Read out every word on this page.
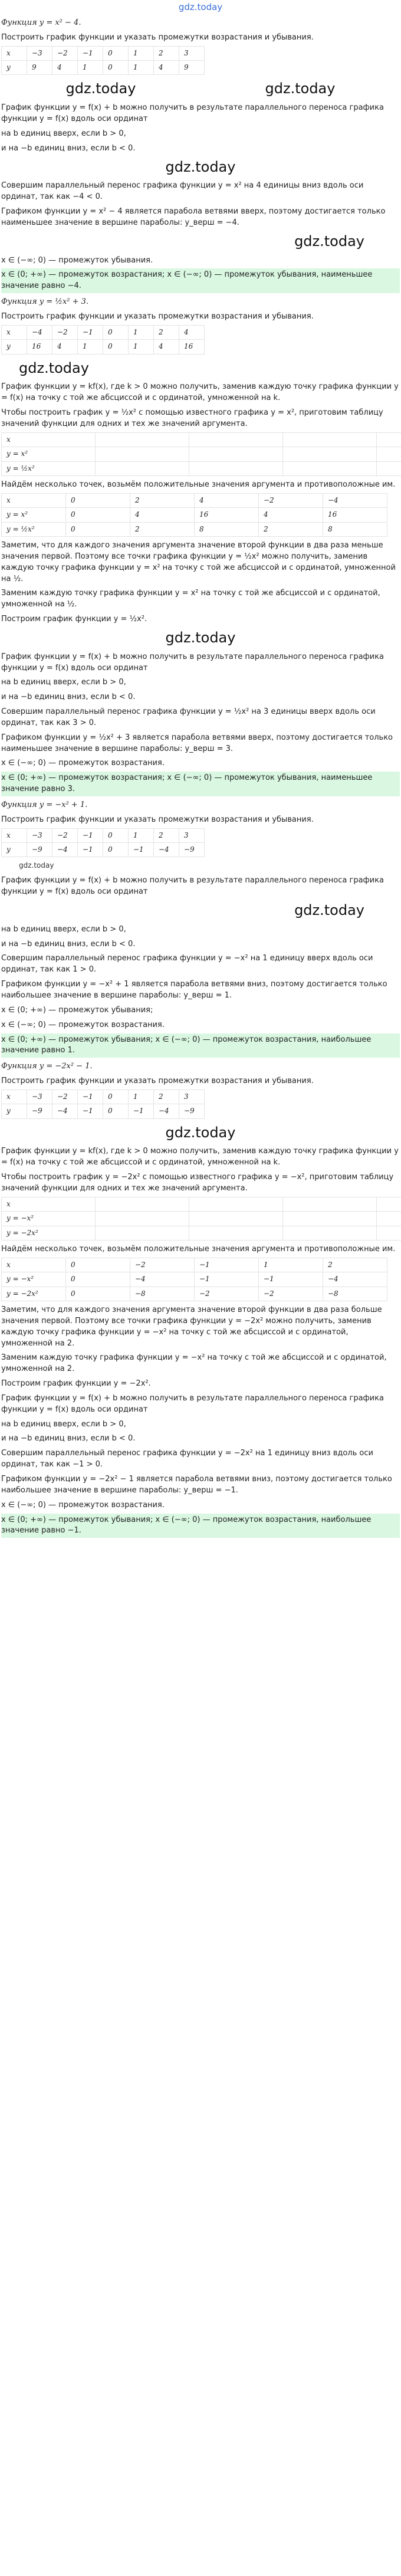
gdz.today
Функция y = x² − 4.
Построить график функции и указать промежутки возрастания и убывания.
x	−3	−2	−1	0	1	2	3
y	9	4	1	0	1	4	9
gdz.today	gdz.today
График функции y = f(x) + b можно получить в результате параллельного переноса графика функции y = f(x) вдоль оси ординат
на b единиц вверх, если b > 0,
и на −b единиц вниз, если b < 0.
gdz.today
Совершим параллельный перенос графика функции y = x² на 4 единицы вниз вдоль оси ординат, так как −4 < 0.
Графиком функции y = x² − 4 является парабола ветвями вверх, поэтому достигается только наименьшее значение в вершине параболы: y_верш = −4.
gdz.today
x ∈ (−∞; 0) — промежуток убывания.
x ∈ (0; +∞) — промежуток возрастания; x ∈ (−∞; 0) — промежуток убывания, наименьшее значение равно −4.
Функция y = ½x² + 3.
Построить график функции и указать промежутки возрастания и убывания.
x	−4	−2	−1	0	1	2	4
y	16	4	1	0	1	4	16
gdz.today
График функции y = kf(x), где k > 0 можно получить, заменив каждую точку графика функции y = f(x) на точку с той же абсциссой и с ординатой, умноженной на k.
Чтобы построить график y = ½x² с помощью известного графика y = x², приготовим таблицу значений функции для одних и тех же значений аргумента.
x					
y = x²					
y = ½x²					
Найдём несколько точек, возьмём положительные значения аргумента и противоположные им.
x	0	2	4	−2	−4
y = x²	0	4	16	4	16
y = ½x²	0	2	8	2	8
Заметим, что для каждого значения аргумента значение второй функции в два раза меньше значения первой. Поэтому все точки графика функции y = ½x² можно получить, заменив каждую точку графика функции y = x² на точку с той же абсциссой и с ординатой, умноженной на ½.
Заменим каждую точку графика функции y = x² на точку с той же абсциссой и с ординатой, умноженной на ½.
Построим график функции y = ½x².
gdz.today
График функции y = f(x) + b можно получить в результате параллельного переноса графика функции y = f(x) вдоль оси ординат
на b единиц вверх, если b > 0,
и на −b единиц вниз, если b < 0.
Совершим параллельный перенос графика функции y = ½x² на 3 единицы вверх вдоль оси ординат, так как 3 > 0.
Графиком функции y = ½x² + 3 является парабола ветвями вверх, поэтому достигается только наименьшее значение в вершине параболы: y_верш = 3.
x ∈ (−∞; 0) — промежуток возрастания.
x ∈ (0; +∞) — промежуток возрастания; x ∈ (−∞; 0) — промежуток убывания, наименьшее значение равно 3.
Функция y = −x² + 1.
Построить график функции и указать промежутки возрастания и убывания.
x	−3	−2	−1	0	1	2	3
y	−9	−4	−1	0	−1	−4	−9
gdz.today
График функции y = f(x) + b можно получить в результате параллельного переноса графика функции y = f(x) вдоль оси ординат
gdz.today
на b единиц вверх, если b > 0,
и на −b единиц вниз, если b < 0.
Совершим параллельный перенос графика функции y = −x² на 1 единицу вверх вдоль оси ординат, так как 1 > 0.
Графиком функции y = −x² + 1 является парабола ветвями вниз, поэтому достигается только наибольшее значение в вершине параболы: y_верш = 1.
x ∈ (0; +∞) — промежуток убывания;
x ∈ (−∞; 0) — промежуток возрастания.
x ∈ (0; +∞) — промежуток убывания; x ∈ (−∞; 0) — промежуток возрастания, наибольшее значение равно 1.
Функция y = −2x² − 1.
Построить график функции и указать промежутки возрастания и убывания.
x	−3	−2	−1	0	1	2	3
y	−9	−4	−1	0	−1	−4	−9
gdz.today
График функции y = kf(x), где k > 0 можно получить, заменив каждую точку графика функции y = f(x) на точку с той же абсциссой и с ординатой, умноженной на k.
Чтобы построить график y = −2x² с помощью известного графика y = −x², приготовим таблицу значений функции для одних и тех же значений аргумента.
x					
y = −x²					
y = −2x²					
Найдём несколько точек, возьмём положительные значения аргумента и противоположные им.
x	0	−2	−1	1	2
y = −x²	0	−4	−1	−1	−4
y = −2x²	0	−8	−2	−2	−8
Заметим, что для каждого значения аргумента значение второй функции в два раза больше значения первой. Поэтому все точки графика функции y = −2x² можно получить, заменив каждую точку графика функции y = −x² на точку с той же абсциссой и с ординатой, умноженной на 2.
Заменим каждую точку графика функции y = −x² на точку с той же абсциссой и с ординатой, умноженной на 2.
Построим график функции y = −2x².
График функции y = f(x) + b можно получить в результате параллельного переноса графика функции y = f(x) вдоль оси ординат
на b единиц вверх, если b > 0,
и на −b единиц вниз, если b < 0.
Совершим параллельный перенос графика функции y = −2x² на 1 единицу вниз вдоль оси ординат, так как −1 > 0.
Графиком функции y = −2x² − 1 является парабола ветвями вниз, поэтому достигается только наибольшее значение в вершине параболы: y_верш = −1.
x ∈ (−∞; 0) — промежуток возрастания.
x ∈ (0; +∞) — промежуток убывания; x ∈ (−∞; 0) — промежуток возрастания, наибольшее значение равно −1.
